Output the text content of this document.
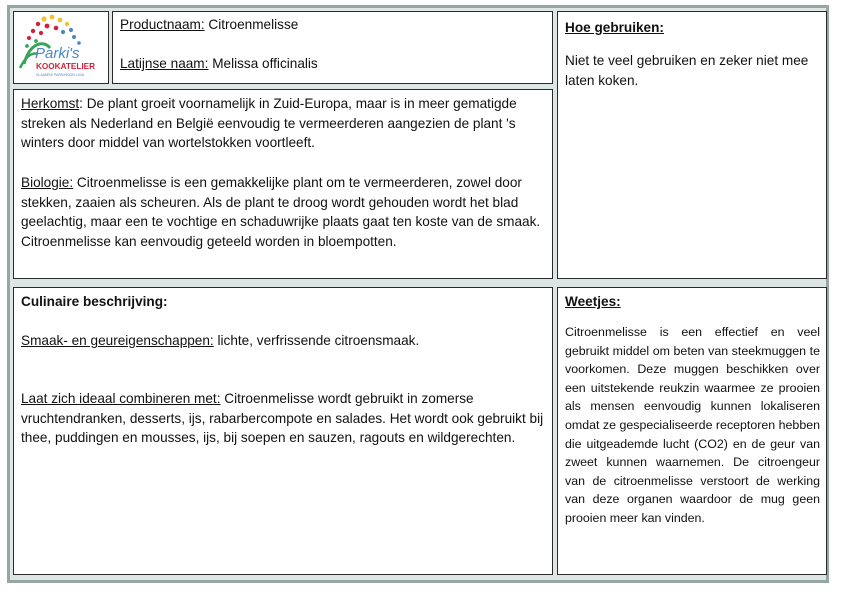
Parki's
KOOKATELIER
VLAAMSE PARKINSON LIGA
Productnaam: Citroenmelisse
Latijnse naam: Melissa officinalis
Hoe gebruiken:
Niet te veel gebruiken en zeker niet mee laten koken.
Herkomst: De plant groeit voornamelijk in Zuid-Europa, maar is in meer gematigde streken als Nederland en België eenvoudig te vermeerderen aangezien de plant 's winters door middel van wortelstokken voortleeft.
Biologie: Citroenmelisse is een gemakkelijke plant om te vermeerderen, zowel door stekken, zaaien als scheuren. Als de plant te droog wordt gehouden wordt het blad geelachtig, maar een te vochtige en schaduwrijke plaats gaat ten koste van de smaak. Citroenmelisse kan eenvoudig geteeld worden in bloempotten.
Culinaire beschrijving:
Smaak- en geureigenschappen: lichte, verfrissende citroensmaak.
Laat zich ideaal combineren met: Citroenmelisse wordt gebruikt in zomerse vruchtendranken, desserts, ijs, rabarbercompote en salades. Het wordt ook gebruikt bij thee, puddingen en mousses, ijs, bij soepen en sauzen, ragouts en wildgerechten.
Weetjes:
Citroenmelisse is een effectief en veel gebruikt middel om beten van steekmuggen te voorkomen. Deze muggen beschikken over een uitstekende reukzin waarmee ze prooien als mensen eenvoudig kunnen lokaliseren omdat ze gespecialiseerde receptoren hebben die uitgeademde lucht (CO2) en de geur van zweet kunnen waarnemen. De citroengeur van de citroenmelisse verstoort de werking van deze organen waardoor de mug geen prooien meer kan vinden.
